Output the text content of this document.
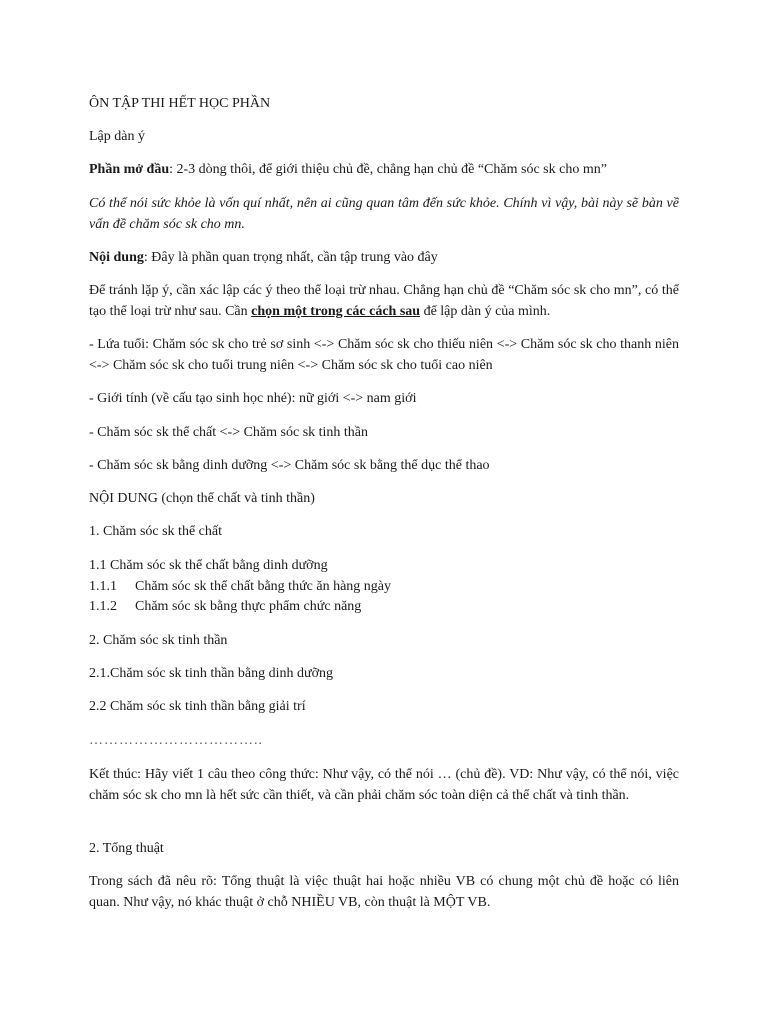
ÔN TẬP THI HẾT HỌC PHẦN
Lập dàn ý
Phần mở đầu: 2-3 dòng thôi, để giới thiệu chủ đề, chẳng hạn chủ đề “Chăm sóc sk cho mn”
Có thể nói sức khỏe là vốn quí nhất, nên ai cũng quan tâm đến sức khỏe. Chính vì vậy, bài này sẽ bàn về vấn đề chăm sóc sk cho mn.
Nội dung: Đây là phần quan trọng nhất, cần tập trung vào đây
Để tránh lặp ý, cần xác lập các ý theo thể loại trừ nhau. Chẳng hạn chủ đề “Chăm sóc sk cho mn”, có thể tạo thể loại trừ như sau. Cần chọn một trong các cách sau để lập dàn ý của mình.
- Lứa tuổi: Chăm sóc sk cho trẻ sơ sinh <-> Chăm sóc sk cho thiếu niên <-> Chăm sóc sk cho thanh niên <-> Chăm sóc sk cho tuổi trung niên <-> Chăm sóc sk cho tuổi cao niên
- Giới tính (về cấu tạo sinh học nhé): nữ giới <-> nam giới
- Chăm sóc sk thể chất <-> Chăm sóc sk tinh thần
- Chăm sóc sk bằng dinh dưỡng <-> Chăm sóc sk bằng thể dục thể thao
NỘI DUNG (chọn thể chất và tinh thần)
1. Chăm sóc sk thể chất
1.1 Chăm sóc sk thể chất bằng dinh dưỡng
1.1.1 Chăm sóc sk thể chất bằng thức ăn hàng ngày
1.1.2 Chăm sóc sk bằng thực phẩm chức năng
2. Chăm sóc sk tinh thần
2.1.Chăm sóc sk tinh thần bằng dinh dưỡng
2.2 Chăm sóc sk tinh thần bằng giải trí
……………………………..
Kết thúc: Hãy viết 1 câu theo công thức: Như vậy, có thể nói … (chủ đề). VD: Như vậy, có thể nói, việc chăm sóc sk cho mn là hết sức cần thiết, và cần phải chăm sóc toàn diện cả thể chất và tinh thần.
2. Tổng thuật
Trong sách đã nêu rõ: Tổng thuật là việc thuật hai hoặc nhiều VB có chung một chủ đề hoặc có liên quan. Như vậy, nó khác thuật ở chỗ NHIỀU VB, còn thuật là MỘT VB.
